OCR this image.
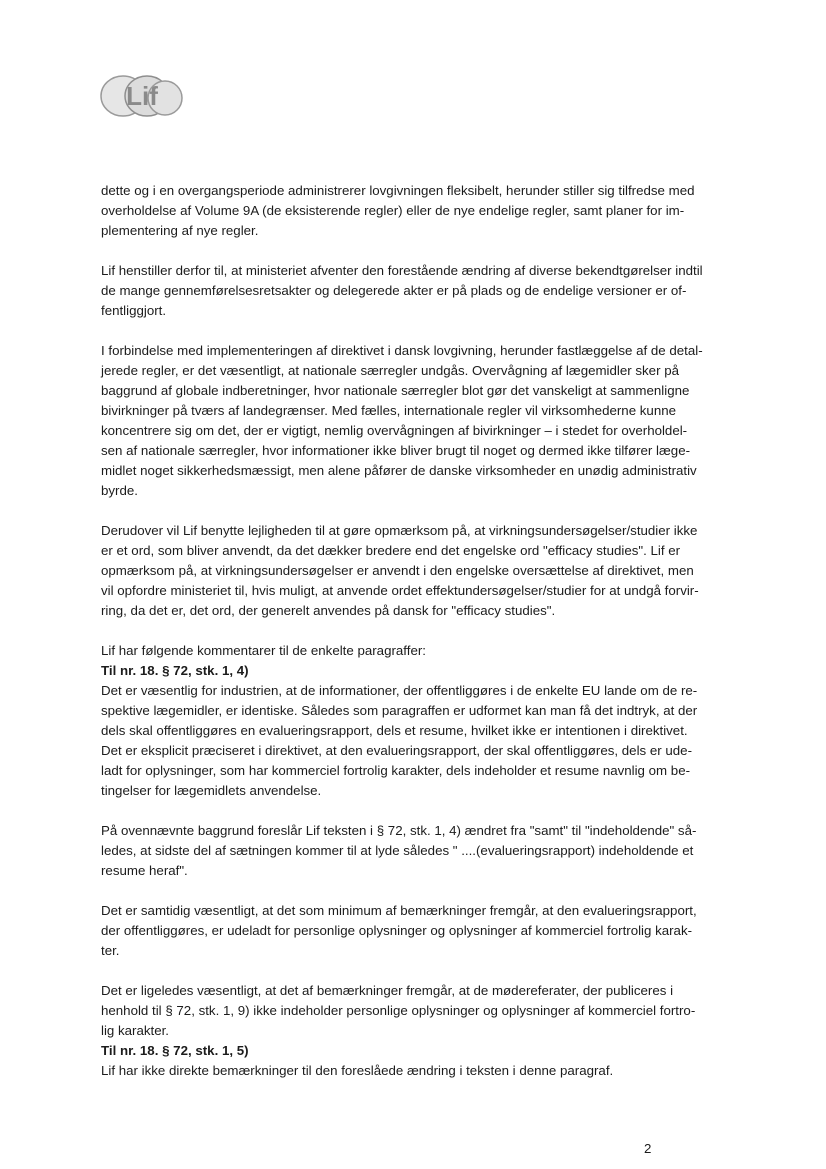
Lif

dette og i en overgangsperiode administrerer lovgivningen fleksibelt, herunder stiller sig tilfredse med
overholdelse af Volume 9A (de eksisterende regler) eller de nye endelige regler, samt planer for im-
plementering af nye regler.

Lif henstiller derfor til, at ministeriet afventer den forestående ændring af diverse bekendtgørelser indtil
de mange gennemførelsesretsakter og delegerede akter er på plads og de endelige versioner er of-
fentliggjort.

I forbindelse med implementeringen af direktivet i dansk lovgivning, herunder fastlæggelse af de detal-
jerede regler, er det væsentligt, at nationale særregler undgås. Overvågning af lægemidler sker på
baggrund af globale indberetninger, hvor nationale særregler blot gør det vanskeligt at sammenligne
bivirkninger på tværs af landegrænser. Med fælles, internationale regler vil virksomhederne kunne
koncentrere sig om det, der er vigtigt, nemlig overvågningen af bivirkninger – i stedet for overholdel-
sen af nationale særregler, hvor informationer ikke bliver brugt til noget og dermed ikke tilfører læge-
midlet noget sikkerhedsmæssigt, men alene påfører de danske virksomheder en unødig administrativ
byrde.

Derudover vil Lif benytte lejligheden til at gøre opmærksom på, at virkningsundersøgelser/studier ikke
er et ord, som bliver anvendt, da det dækker bredere end det engelske ord "efficacy studies". Lif er
opmærksom på, at virkningsundersøgelser er anvendt i den engelske oversættelse af direktivet, men
vil opfordre ministeriet til, hvis muligt, at anvende ordet effektundersøgelser/studier for at undgå forvir-
ring, da det er, det ord, der generelt anvendes på dansk for "efficacy studies".

Lif har følgende kommentarer til de enkelte paragraffer:

Til nr. 18. § 72, stk. 1, 4)

Det er væsentlig for industrien, at de informationer, der offentliggøres i de enkelte EU lande om de re-
spektive lægemidler, er identiske. Således som paragraffen er udformet kan man få det indtryk, at der
dels skal offentliggøres en evalueringsrapport, dels et resume, hvilket ikke er intentionen i direktivet.
Det er eksplicit præciseret i direktivet, at den evalueringsrapport, der skal offentliggøres, dels er ude-
ladt for oplysninger, som har kommerciel fortrolig karakter, dels indeholder et resume navnlig om be-
tingelser for lægemidlets anvendelse.

På ovennævnte baggrund foreslår Lif teksten i § 72, stk. 1, 4) ændret fra "samt" til "indeholdende" så-
ledes, at sidste del af sætningen kommer til at lyde således " ....(evalueringsrapport) indeholdende et
resume heraf".

Det er samtidig væsentligt, at det som minimum af bemærkninger fremgår, at den evalueringsrapport,
der offentliggøres, er udeladt for personlige oplysninger og oplysninger af kommerciel fortrolig karak-
ter.

Det er ligeledes væsentligt, at det af bemærkninger fremgår, at de mødereferater, der publiceres i
henhold til § 72, stk. 1, 9) ikke indeholder personlige oplysninger og oplysninger af kommerciel fortro-
lig karakter.

Til nr. 18. § 72, stk. 1, 5)

Lif har ikke direkte bemærkninger til den foreslåede ændring i teksten i denne paragraf.

2
